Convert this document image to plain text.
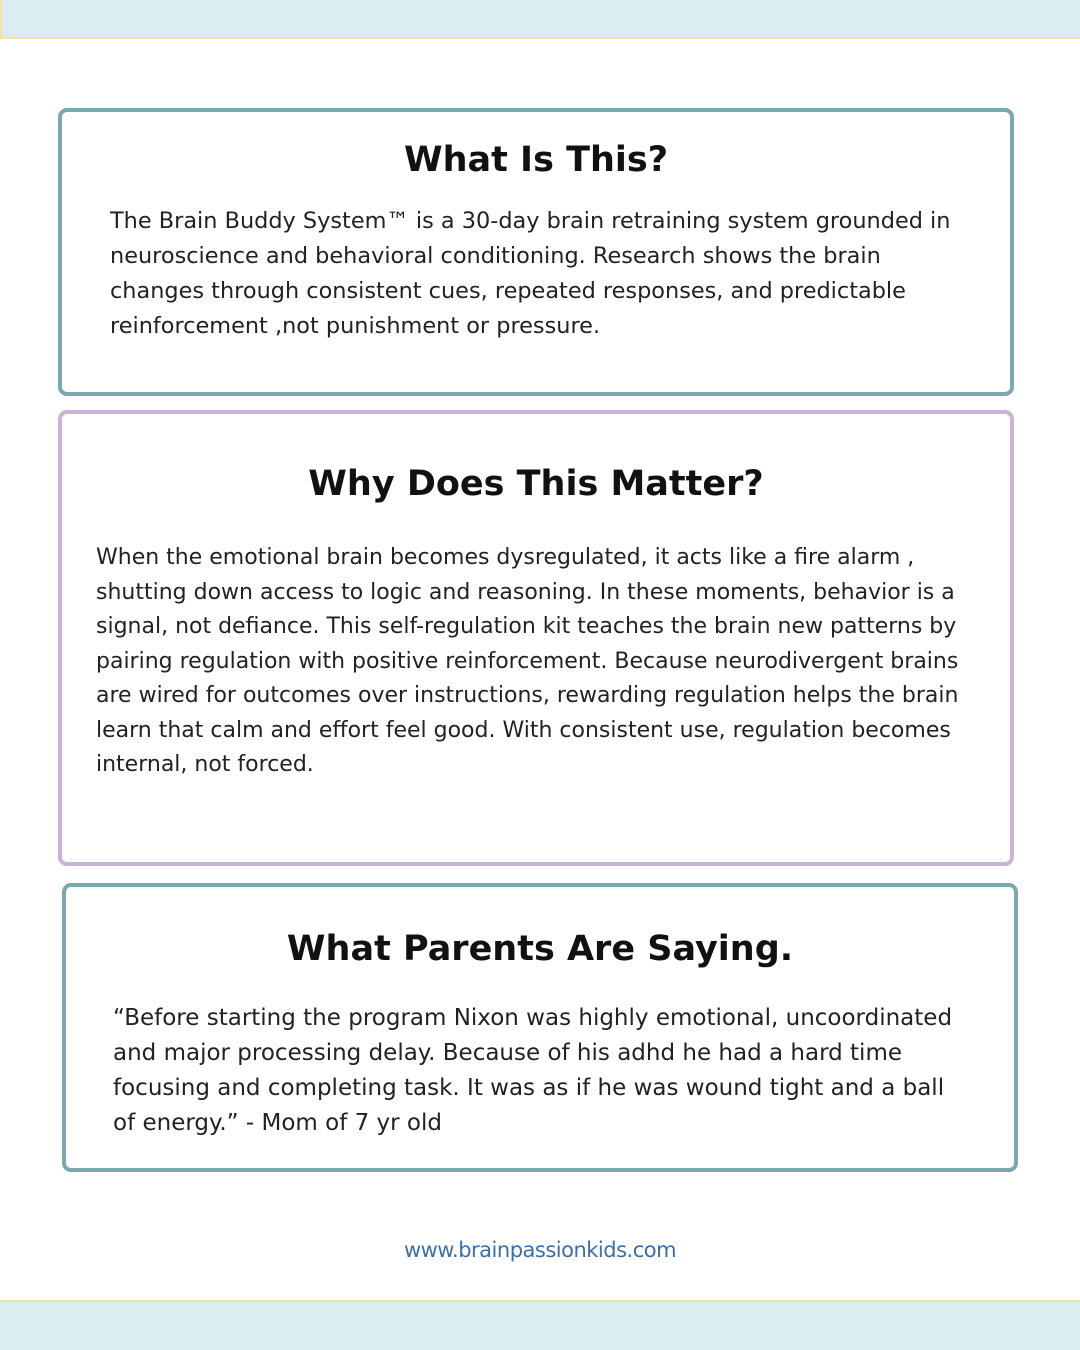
What Is This?

The Brain Buddy System™ is a 30-day brain retraining system grounded in neuroscience and behavioral conditioning. Research shows the brain changes through consistent cues, repeated responses, and predictable reinforcement ,not punishment or pressure.

Why Does This Matter?

When the emotional brain becomes dysregulated, it acts like a fire alarm , shutting down access to logic and reasoning. In these moments, behavior is a signal, not defiance. This self-regulation kit teaches the brain new patterns by pairing regulation with positive reinforcement. Because neurodivergent brains are wired for outcomes over instructions, rewarding regulation helps the brain learn that calm and effort feel good. With consistent use, regulation becomes internal, not forced.

What Parents Are Saying.

“Before starting the program Nixon was highly emotional, uncoordinated and major processing delay. Because of his adhd he had a hard time focusing and completing task. It was as if he was wound tight and a ball of energy.” - Mom of 7 yr old

www.brainpassionkids.com
